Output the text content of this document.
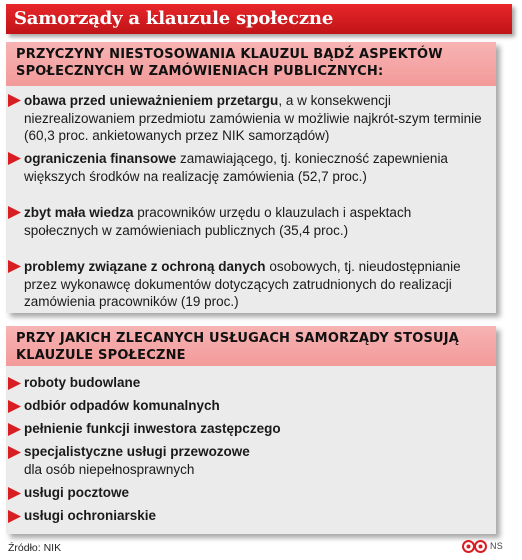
Samorządy a klauzule społeczne
PRZYCZYNY NIESTOSOWANIA KLAUZUL BĄDŹ ASPEKTÓW SPOŁECZNYCH W ZAMÓWIENIACH PUBLICZNYCH:
obawa przed unieważnieniem przetargu, a w konsekwencji niezrealizowaniem przedmiotu zamówienia w możliwie najkrót-szym terminie (60,3 proc. ankietowanych przez NIK samorządów)
ograniczenia finansowe zamawiającego, tj. konieczność zapewnienia większych środków na realizację zamówienia (52,7 proc.)
zbyt mała wiedza pracowników urzędu o klauzulach i aspektach społecznych w zamówieniach publicznych (35,4 proc.)
problemy związane z ochroną danych osobowych, tj. nieudostępnianie przez wykonawcę dokumentów dotyczących zatrudnionych do realizacji zamówienia pracowników (19 proc.)
PRZY JAKICH ZLECANYCH USŁUGACH SAMORZĄDY STOSUJĄ KLAUZULE SPOŁECZNE
roboty budowlane
odbiór odpadów komunalnych
pełnienie funkcji inwestora zastępczego
specjalistyczne usługi przewozowe
dla osób niepełnosprawnych
usługi pocztowe
usługi ochroniarskie
Źródło: NIK	NS
